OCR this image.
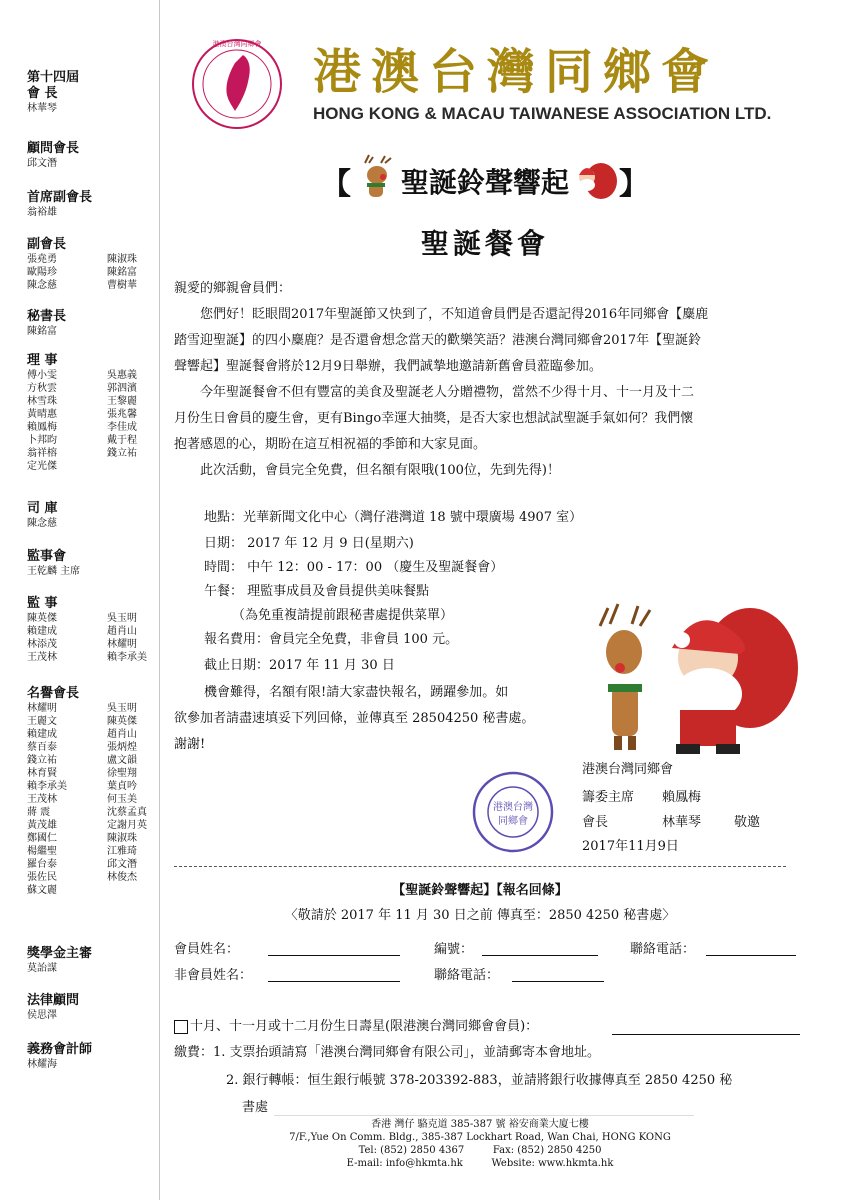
第十四屆
會 長
林華琴
顧問會長
邱文潛
首席副會長
翁裕雄
副會長
張堯勇	陳淑珠
歐陽珍	陳銘富
陳念慈	曹樹華
秘書長
陳銘富
理 事
傅小雯	吳惠義
方秋雲	郭泗濱
林雪珠	王黎麗
黃晴惠	張兆馨
賴鳳梅	李佳成
卜邦昀	戴于程
翁祥榕	錢立祐
定光傑
司 庫
陳念慈
監事會
王乾麟 主席
監 事
陳英傑	吳玉明
賴建成	趙肖山
林添茂	林耀明
王茂林	賴李承美
名譽會長
林耀明	吳玉明
王麗文	陳英傑
賴建成	趙肖山
蔡百泰	張炳煌
錢立祐	盧文韻
林育賢	徐聖翔
賴李承美	葉貞吟
王茂林	何玉美
蔣 震	沈蔡孟真
黃茂雄	定謝月英
鄭國仁	陳淑珠
楊繼聖	江雅琦
羅台泰	邱文潛
張佐民	林俊杰
蘇文麗
獎學金主審
莫詒謀
法律顧問
侯思澤
義務會計師
林耀海
港澳台灣同鄉會 港澳台灣同鄉會
HONG KONG & MACAU TAIWANESE ASSOCIATION LTD.
【 聖誕鈴聲響起 】
聖誕餐會
親愛的鄉親會員們：
您們好！眨眼間2017年聖誕節又快到了，不知道會員們是否還記得2016年同鄉會【麋鹿
踏雪迎聖誕】的四小麋鹿？是否還會想念當天的歡樂笑語？港澳台灣同鄉會2017年【聖誕鈴
聲響起】聖誕餐會將於12月9日舉辦，我們誠摯地邀請新舊會員蒞臨參加。
今年聖誕餐會不但有豐富的美食及聖誕老人分贈禮物，當然不少得十月、十一月及十二
月份生日會員的慶生會，更有Bingo幸運大抽獎，是否大家也想試試聖誕手氣如何？我們懷
抱著感恩的心，期盼在這互相祝福的季節和大家見面。
此次活動，會員完全免費，但名額有限哦(100位，先到先得)！
地點：光華新聞文化中心（灣仔港灣道 18 號中環廣場 4907 室）
日期： 2017 年 12 月 9 日(星期六)
時間： 中午 12：00 - 17：00 （慶生及聖誕餐會）
午餐： 理監事成員及會員提供美味餐點
（為免重複請提前跟秘書處提供菜單）
報名費用：會員完全免費，非會員 100 元。
截止日期：2017 年 11 月 30 日
機會難得，名額有限!請大家盡快報名，踴躍參加。如
欲參加者請盡速填妥下列回條，並傳真至 28504250 秘書處。
謝謝!
港澳台灣同鄉會
籌委主席 賴鳳梅
會長	林華琴	敬邀
2017年11月9日
港澳台灣
同鄉會
【聖誕鈴聲響起】【報名回條】
〈敬請於 2017 年 11 月 30 日之前 傳真至：2850 4250 秘書處〉
會員姓名：	編號：	聯絡電話：
非會員姓名：	聯絡電話：
十月、十一月或十二月份生日壽星(限港澳台灣同鄉會會員)：
繳費：1. 支票抬頭請寫「港澳台灣同鄉會有限公司」，並請郵寄本會地址。
2. 銀行轉帳：恒生銀行帳號 378-203392-883，並請將銀行收據傳真至 2850 4250 秘
書處
香港 灣仔 駱克道 385-387 號 裕安商業大廈七樓
7/F.,Yue On Comm. Bldg., 385-387 Lockhart Road, Wan Chai, HONG KONG
Tel: (852) 2850 4367	Fax: (852) 2850 4250
E-mail: info@hkmta.hk	Website: www.hkmta.hk
